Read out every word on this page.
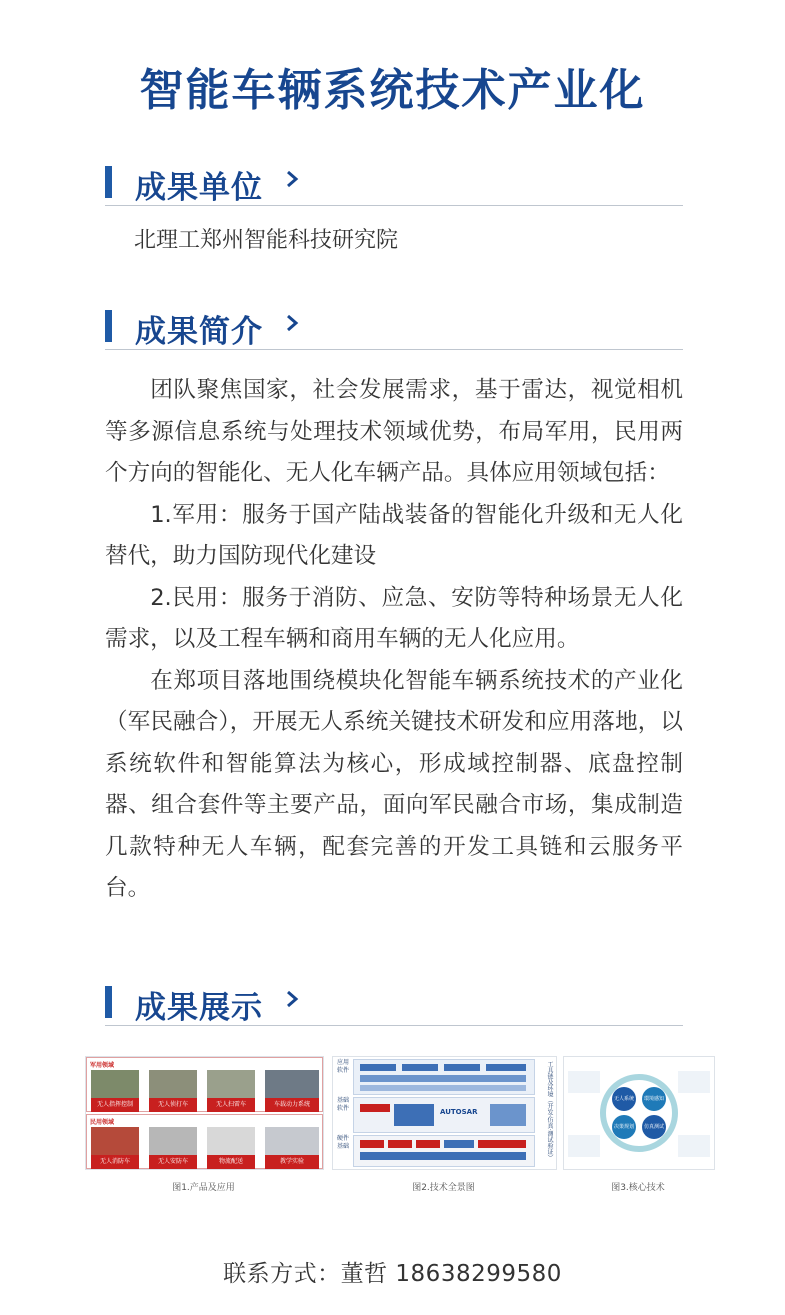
智能车辆系统技术产业化
成果单位
北理工郑州智能科技研究院
成果简介

团队聚焦国家，社会发展需求，基于雷达，视觉相机等多源信息系统与处理技术领域优势，布局军用，民用两个方向的智能化、无人化车辆产品。具体应用领域包括：

1.军用：服务于国产陆战装备的智能化升级和无人化替代，助力国防现代化建设

2.民用：服务于消防、应急、安防等特种场景无人化需求，以及工程车辆和商用车辆的无人化应用。

在郑项目落地围绕模块化智能车辆系统技术的产业化（军民融合），开展无人系统关键技术研发和应用落地，以系统软件和智能算法为核心，形成域控制器、底盘控制器、组合套件等主要产品，面向军民融合市场，集成制造几款特种无人车辆，配套完善的开发工具链和云服务平台。

成果展示
军用领域
无人指挥控制	无人侦打车	无人扫雷车	车载动力系统
民用领域
无人消防车	无人安防车	物流配送	教学实验
图1.产品及应用
应用软件
基础软件	AUTOSAR
硬件基础	工具链及环境（开发·仿真·测试验证）
图2.技术全景图
无人系统	環境感知
决策规划	仿真测试
图3.核心技术
联系方式：董哲 18638299580
